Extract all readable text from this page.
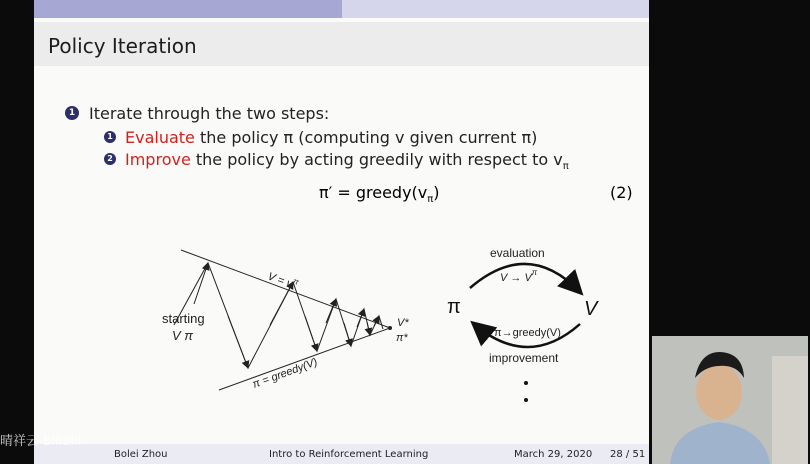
Policy Iteration
1 Iterate through the two steps:
1 Evaluate the policy π (computing v given current π)
2 Improve the policy by acting greedily with respect to $v_\pi$
$\pi' = greedy(v_\pi)$	(2)
starting
V π
$V = v^\pi$
π = greedy(V)
V*
π*
π	V
evaluation
$V \to V^\pi$
π→greedy(V)
improvement
Bolei Zhou	Intro to Reinforcement Learning	March 29, 2020 28 / 51
晴祥云 bilibili
